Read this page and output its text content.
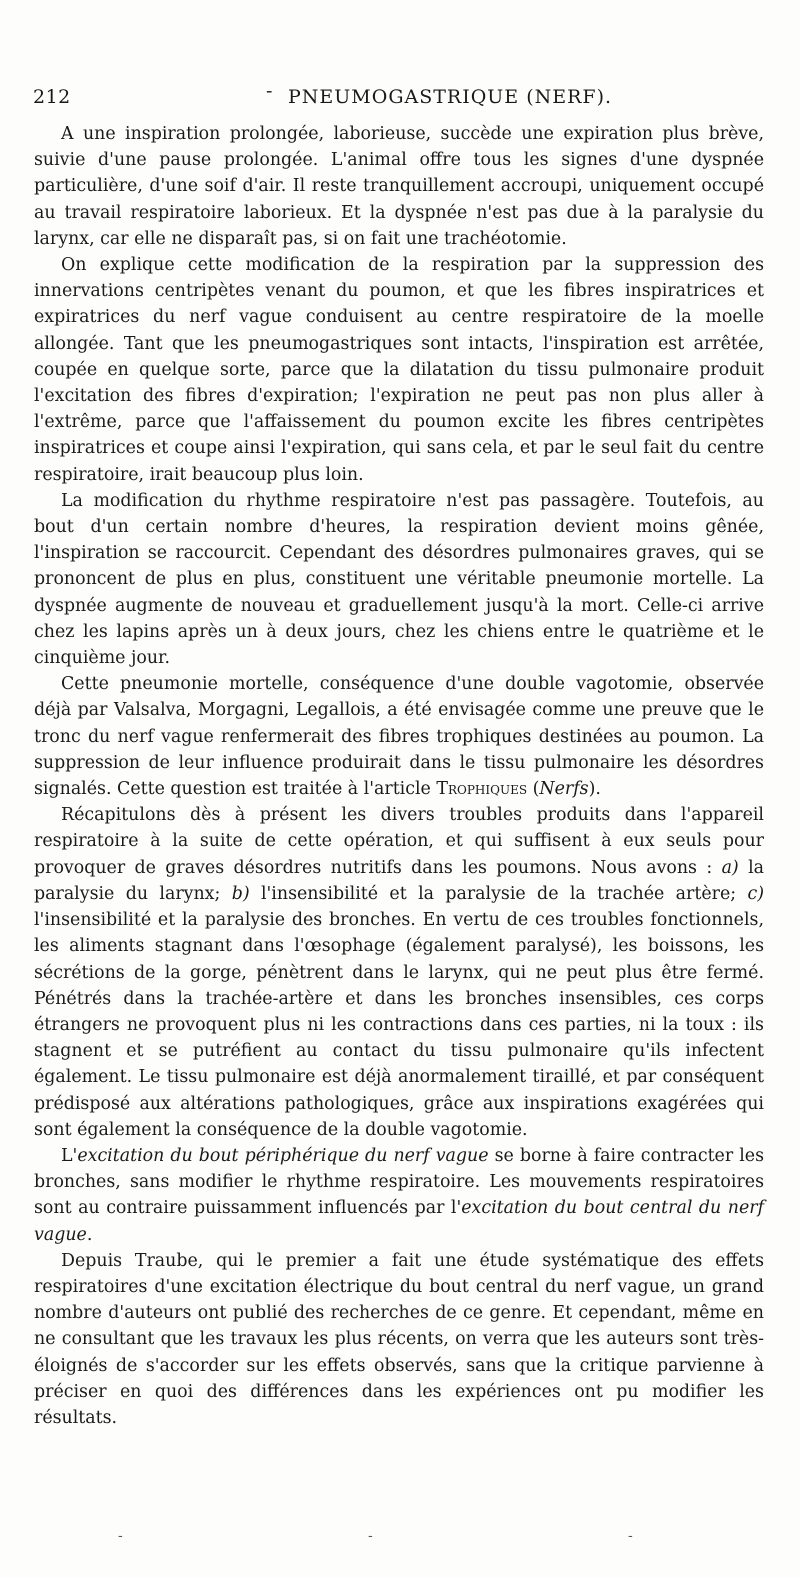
212	- PNEUMOGASTRIQUE (NERF).

A une inspiration prolongée, laborieuse, succède une expiration plus brève, suivie d'une pause prolongée. L'animal offre tous les signes d'une dyspnée particulière, d'une soif d'air. Il reste tranquillement accroupi, uniquement occupé au travail respiratoire laborieux. Et la dyspnée n'est pas due à la paralysie du larynx, car elle ne disparaît pas, si on fait une trachéotomie.

On explique cette modification de la respiration par la suppression des innervations centripètes venant du poumon, et que les fibres inspiratrices et expiratrices du nerf vague conduisent au centre respiratoire de la moelle allongée. Tant que les pneumogastriques sont intacts, l'inspiration est arrêtée, coupée en quelque sorte, parce que la dilatation du tissu pulmonaire produit l'excitation des fibres d'expiration; l'expiration ne peut pas non plus aller à l'extrême, parce que l'affaissement du poumon excite les fibres centripètes inspiratrices et coupe ainsi l'expiration, qui sans cela, et par le seul fait du centre respiratoire, irait beaucoup plus loin.

La modification du rhythme respiratoire n'est pas passagère. Toutefois, au bout d'un certain nombre d'heures, la respiration devient moins gênée, l'inspiration se raccourcit. Cependant des désordres pulmonaires graves, qui se prononcent de plus en plus, constituent une véritable pneumonie mortelle. La dyspnée augmente de nouveau et graduellement jusqu'à la mort. Celle-ci arrive chez les lapins après un à deux jours, chez les chiens entre le quatrième et le cinquième jour.

Cette pneumonie mortelle, conséquence d'une double vagotomie, observée déjà par Valsalva, Morgagni, Legallois, a été envisagée comme une preuve que le tronc du nerf vague renfermerait des fibres trophiques destinées au poumon. La suppression de leur influence produirait dans le tissu pulmonaire les désordres signalés. Cette question est traitée à l'article Trophiques (Nerfs).

Récapitulons dès à présent les divers troubles produits dans l'appareil respiratoire à la suite de cette opération, et qui suffisent à eux seuls pour provoquer de graves désordres nutritifs dans les poumons. Nous avons : a) la paralysie du larynx; b) l'insensibilité et la paralysie de la trachée artère; c) l'insensibilité et la paralysie des bronches. En vertu de ces troubles fonctionnels, les aliments stagnant dans l'œsophage (également paralysé), les boissons, les sécrétions de la gorge, pénètrent dans le larynx, qui ne peut plus être fermé. Pénétrés dans la trachée-artère et dans les bronches insensibles, ces corps étrangers ne provoquent plus ni les contractions dans ces parties, ni la toux : ils stagnent et se putréfient au contact du tissu pulmonaire qu'ils infectent également. Le tissu pulmonaire est déjà anormalement tiraillé, et par conséquent prédisposé aux altérations pathologiques, grâce aux inspirations exagérées qui sont également la conséquence de la double vagotomie.

L'excitation du bout périphérique du nerf vague se borne à faire contracter les bronches, sans modifier le rhythme respiratoire. Les mouvements respiratoires sont au contraire puissamment influencés par l'excitation du bout central du nerf vague.

Depuis Traube, qui le premier a fait une étude systématique des effets respiratoires d'une excitation électrique du bout central du nerf vague, un grand nombre d'auteurs ont publié des recherches de ce genre. Et cependant, même en ne consultant que les travaux les plus récents, on verra que les auteurs sont très-éloignés de s'accorder sur les effets observés, sans que la critique parvienne à préciser en quoi des différences dans les expériences ont pu modifier les résultats.

-	-	-
